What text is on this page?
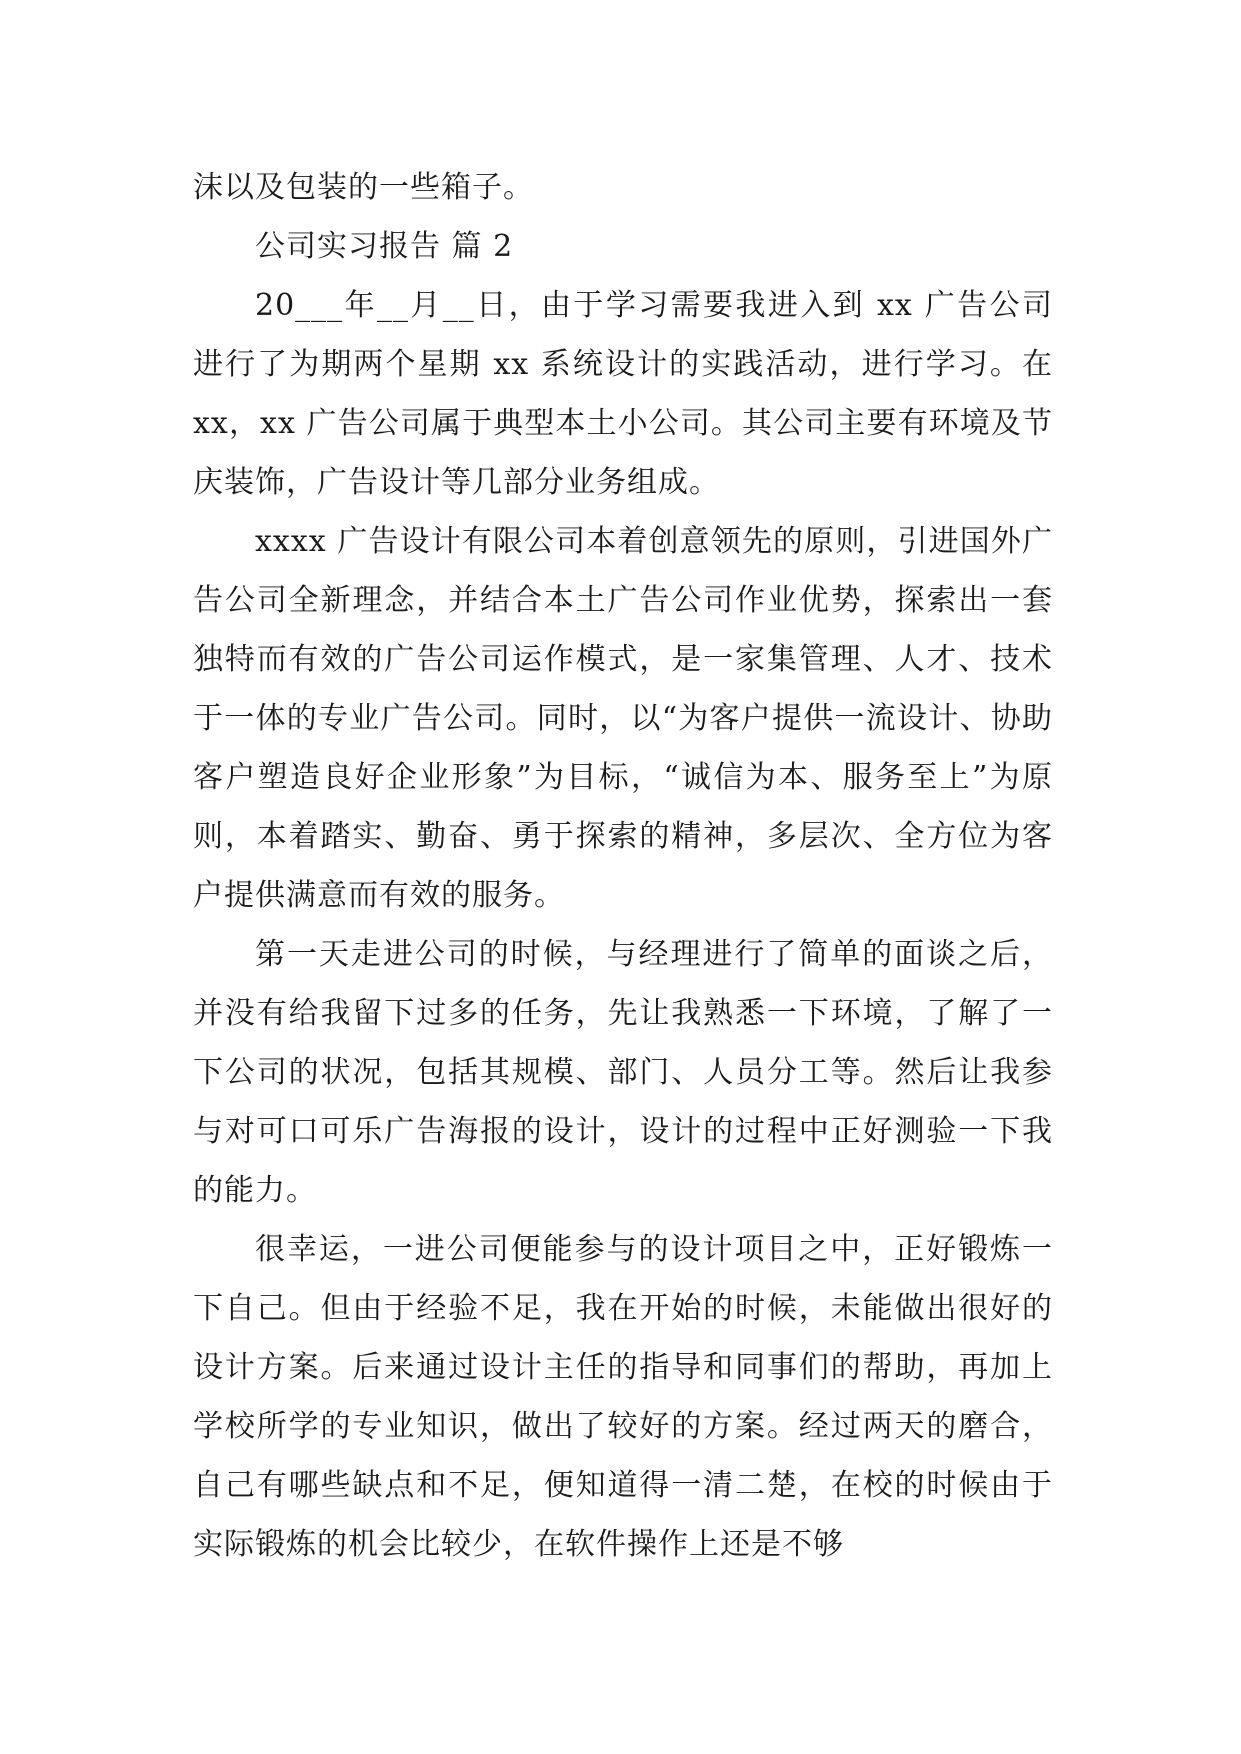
沫以及包装的一些箱子。

公司实习报告 篇 2

20___年__月__日，由于学习需要我进入到 xx 广告公司进行了为期两个星期 xx 系统设计的实践活动，进行学习。在 xx，xx 广告公司属于典型本土小公司。其公司主要有环境及节庆装饰，广告设计等几部分业务组成。

xxxx 广告设计有限公司本着创意领先的原则，引进国外广告公司全新理念，并结合本土广告公司作业优势，探索出一套独特而有效的广告公司运作模式，是一家集管理、人才、技术于一体的专业广告公司。同时，以“为客户提供一流设计、协助客户塑造良好企业形象”为目标，“诚信为本、服务至上”为原则，本着踏实、勤奋、勇于探索的精神，多层次、全方位为客户提供满意而有效的服务。

第一天走进公司的时候，与经理进行了简单的面谈之后，并没有给我留下过多的任务，先让我熟悉一下环境，了解了一下公司的状况，包括其规模、部门、人员分工等。然后让我参与对可口可乐广告海报的设计，设计的过程中正好测验一下我的能力。

很幸运，一进公司便能参与的设计项目之中，正好锻炼一下自己。但由于经验不足，我在开始的时候，未能做出很好的设计方案。后来通过设计主任的指导和同事们的帮助，再加上学校所学的专业知识，做出了较好的方案。经过两天的磨合，自己有哪些缺点和不足，便知道得一清二楚，在校的时候由于实际锻炼的机会比较少，在软件操作上还是不够
